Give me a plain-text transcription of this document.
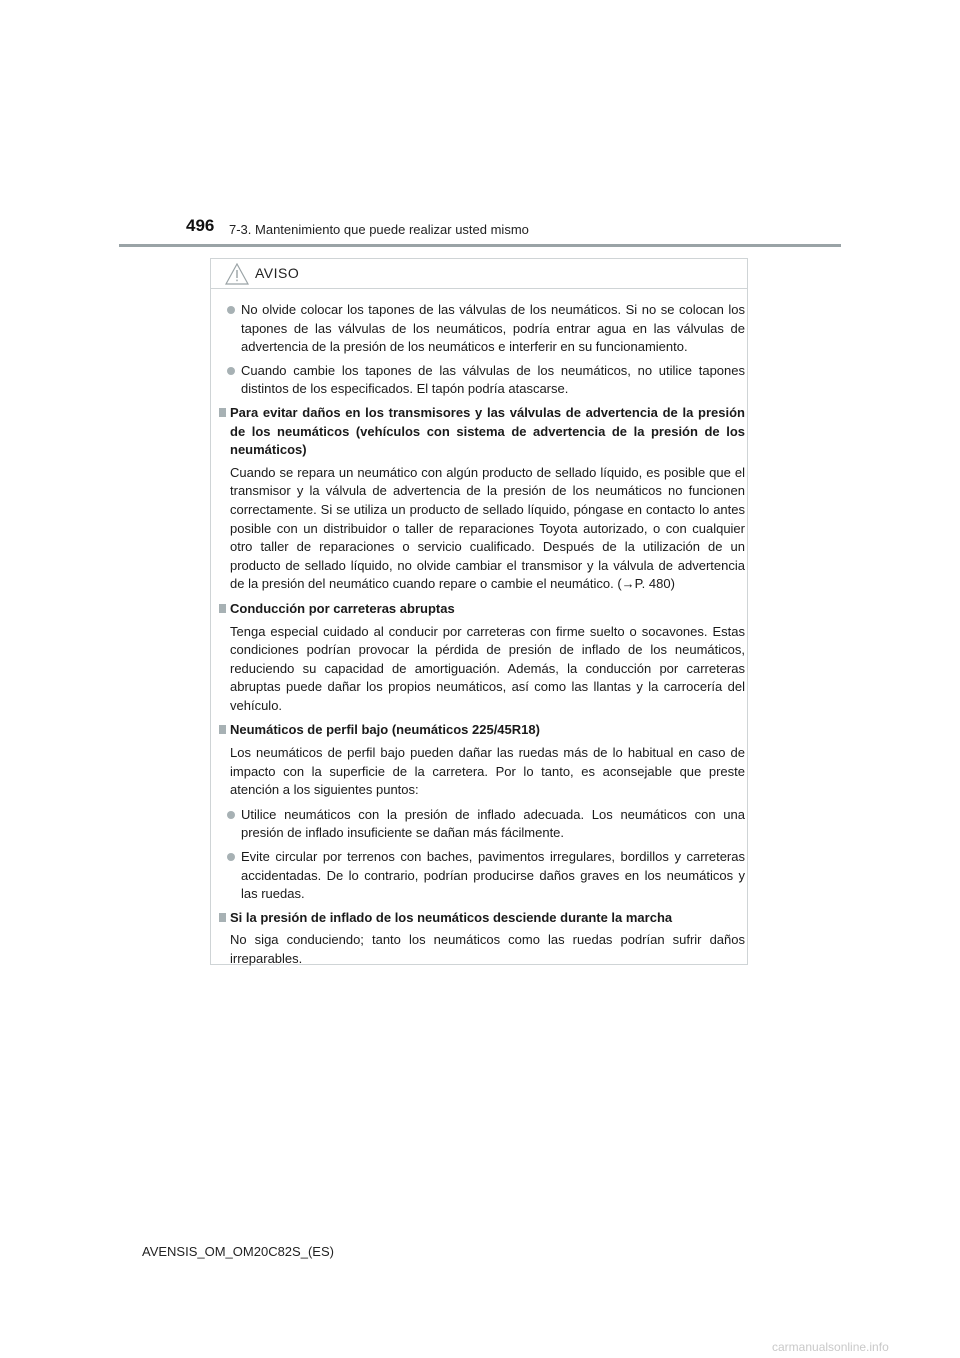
496 7-3. Mantenimiento que puede realizar usted mismo
AVISO
No olvide colocar los tapones de las válvulas de los neumáticos. Si no se colocan los tapones de las válvulas de los neumáticos, podría entrar agua en las válvulas de advertencia de la presión de los neumáticos e interferir en su funcionamiento.
Cuando cambie los tapones de las válvulas de los neumáticos, no utilice tapones distintos de los especificados. El tapón podría atascarse.
Para evitar daños en los transmisores y las válvulas de advertencia de la presión de los neumáticos (vehículos con sistema de advertencia de la presión de los neumáticos)

Cuando se repara un neumático con algún producto de sellado líquido, es posible que el transmisor y la válvula de advertencia de la presión de los neumáticos no funcionen correctamente. Si se utiliza un producto de sellado líquido, póngase en contacto lo antes posible con un distribuidor o taller de reparaciones Toyota autorizado, o con cualquier otro taller de reparaciones o servicio cualificado. Después de la utilización de un producto de sellado líquido, no olvide cambiar el transmisor y la válvula de advertencia de la presión del neumático cuando repare o cambie el neumático. (→P. 480)

Conducción por carreteras abruptas

Tenga especial cuidado al conducir por carreteras con firme suelto o socavones. Estas condiciones podrían provocar la pérdida de presión de inflado de los neumáticos, reduciendo su capacidad de amortiguación. Además, la conducción por carreteras abruptas puede dañar los propios neumáticos, así como las llantas y la carrocería del vehículo.

Neumáticos de perfil bajo (neumáticos 225/45R18)

Los neumáticos de perfil bajo pueden dañar las ruedas más de lo habitual en caso de impacto con la superficie de la carretera. Por lo tanto, es aconsejable que preste atención a los siguientes puntos:

Utilice neumáticos con la presión de inflado adecuada. Los neumáticos con una presión de inflado insuficiente se dañan más fácilmente.
Evite circular por terrenos con baches, pavimentos irregulares, bordillos y carreteras accidentadas. De lo contrario, podrían producirse daños graves en los neumáticos y las ruedas.
Si la presión de inflado de los neumáticos desciende durante la marcha

No siga conduciendo; tanto los neumáticos como las ruedas podrían sufrir daños irreparables.

AVENSIS_OM_OM20C82S_(ES)
carmanualsonline.info
